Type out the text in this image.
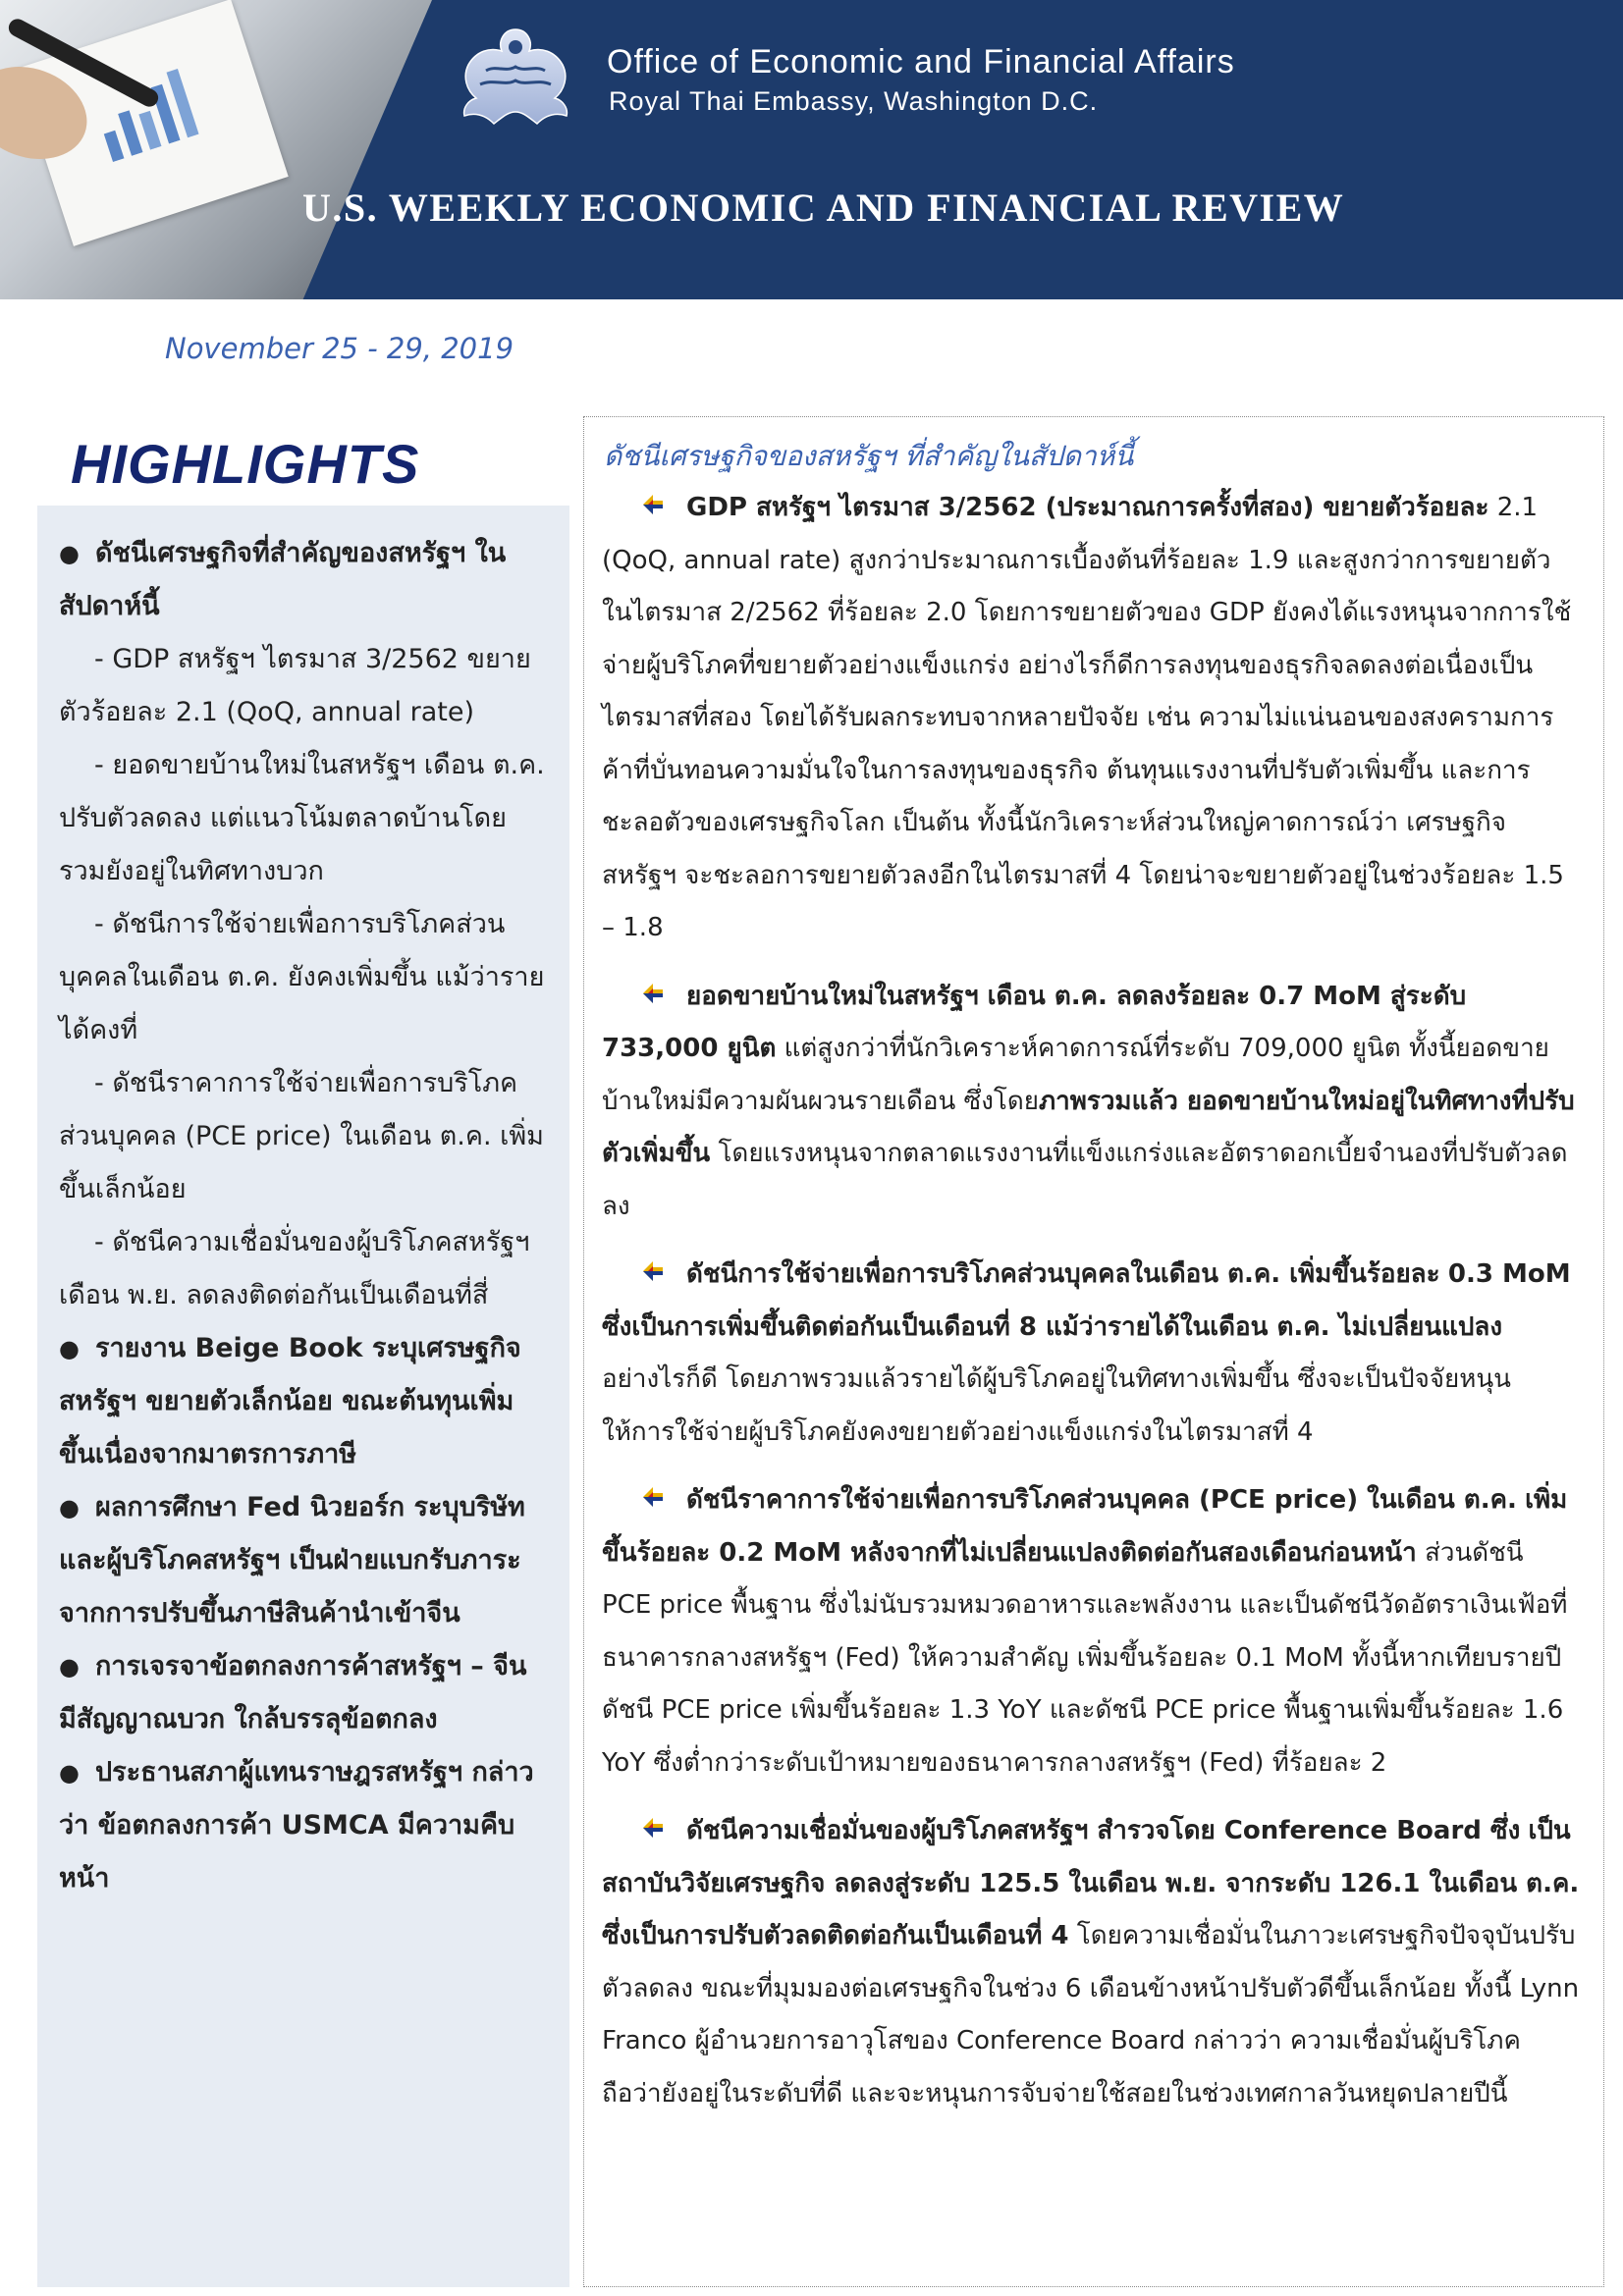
Office of Economic and Financial Affairs
Royal Thai Embassy, Washington D.C.
U.S. WEEKLY ECONOMIC AND FINANCIAL REVIEW
November 25 - 29, 2019
HIGHLIGHTS
● ดัชนีเศรษฐกิจที่สำคัญของสหรัฐฯ ในสัปดาห์นี้
- GDP สหรัฐฯ ไตรมาส 3/2562 ขยายตัวร้อยละ 2.1 (QoQ, annual rate)
- ยอดขายบ้านใหม่ในสหรัฐฯ เดือน ต.ค. ปรับตัวลดลง แต่แนวโน้มตลาดบ้านโดยรวมยังอยู่ในทิศทางบวก
- ดัชนีการใช้จ่ายเพื่อการบริโภคส่วนบุคคลในเดือน ต.ค. ยังคงเพิ่มขึ้น แม้ว่ารายได้คงที่
- ดัชนีราคาการใช้จ่ายเพื่อการบริโภคส่วนบุคคล (PCE price) ในเดือน ต.ค. เพิ่มขึ้นเล็กน้อย
- ดัชนีความเชื่อมั่นของผู้บริโภคสหรัฐฯ เดือน พ.ย. ลดลงติดต่อกันเป็นเดือนที่สี่
● รายงาน Beige Book ระบุเศรษฐกิจสหรัฐฯ ขยายตัวเล็กน้อย ขณะต้นทุนเพิ่มขึ้นเนื่องจากมาตรการภาษี
● ผลการศึกษา Fed นิวยอร์ก ระบุบริษัทและผู้บริโภคสหรัฐฯ เป็นฝ่ายแบกรับภาระจากการปรับขึ้นภาษีสินค้านำเข้าจีน
● การเจรจาข้อตกลงการค้าสหรัฐฯ – จีน มีสัญญาณบวก ใกล้บรรลุข้อตกลง
● ประธานสภาผู้แทนราษฎรสหรัฐฯ กล่าวว่า ข้อตกลงการค้า USMCA มีความคืบหน้า
ดัชนีเศรษฐกิจของสหรัฐฯ ที่สำคัญในสัปดาห์นี้

GDP สหรัฐฯ ไตรมาส 3/2562 (ประมาณการครั้งที่สอง) ขยายตัวร้อยละ 2.1 (QoQ, annual rate) สูงกว่าประมาณการเบื้องต้นที่ร้อยละ 1.9 และสูงกว่าการขยายตัวในไตรมาส 2/2562 ที่ร้อยละ 2.0 โดยการขยายตัวของ GDP ยังคงได้แรงหนุนจากการใช้จ่ายผู้บริโภคที่ขยายตัวอย่างแข็งแกร่ง อย่างไรก็ดีการลงทุนของธุรกิจลดลงต่อเนื่องเป็นไตรมาสที่สอง โดยได้รับผลกระทบจากหลายปัจจัย เช่น ความไม่แน่นอนของสงครามการค้าที่บั่นทอนความมั่นใจในการลงทุนของธุรกิจ ต้นทุนแรงงานที่ปรับตัวเพิ่มขึ้น และการชะลอตัวของเศรษฐกิจโลก เป็นต้น ทั้งนี้นักวิเคราะห์ส่วนใหญ่คาดการณ์ว่า เศรษฐกิจสหรัฐฯ จะชะลอการขยายตัวลงอีกในไตรมาสที่ 4 โดยน่าจะขยายตัวอยู่ในช่วงร้อยละ 1.5 – 1.8

ยอดขายบ้านใหม่ในสหรัฐฯ เดือน ต.ค. ลดลงร้อยละ 0.7 MoM สู่ระดับ 733,000 ยูนิต แต่สูงกว่าที่นักวิเคราะห์คาดการณ์ที่ระดับ 709,000 ยูนิต ทั้งนี้ยอดขายบ้านใหม่มีความผันผวนรายเดือน ซึ่งโดยภาพรวมแล้ว ยอดขายบ้านใหม่อยู่ในทิศทางที่ปรับตัวเพิ่มขึ้น โดยแรงหนุนจากตลาดแรงงานที่แข็งแกร่งและอัตราดอกเบี้ยจำนองที่ปรับตัวลดลง

ดัชนีการใช้จ่ายเพื่อการบริโภคส่วนบุคคลในเดือน ต.ค. เพิ่มขึ้นร้อยละ 0.3 MoM ซึ่งเป็นการเพิ่มขึ้นติดต่อกันเป็นเดือนที่ 8 แม้ว่ารายได้ในเดือน ต.ค. ไม่เปลี่ยนแปลง อย่างไรก็ดี โดยภาพรวมแล้วรายได้ผู้บริโภคอยู่ในทิศทางเพิ่มขึ้น ซึ่งจะเป็นปัจจัยหนุนให้การใช้จ่ายผู้บริโภคยังคงขยายตัวอย่างแข็งแกร่งในไตรมาสที่ 4

ดัชนีราคาการใช้จ่ายเพื่อการบริโภคส่วนบุคคล (PCE price) ในเดือน ต.ค. เพิ่มขึ้นร้อยละ 0.2 MoM หลังจากที่ไม่เปลี่ยนแปลงติดต่อกันสองเดือนก่อนหน้า ส่วนดัชนี PCE price พื้นฐาน ซึ่งไม่นับรวมหมวดอาหารและพลังงาน และเป็นดัชนีวัดอัตราเงินเฟ้อที่ธนาคารกลางสหรัฐฯ (Fed) ให้ความสำคัญ เพิ่มขึ้นร้อยละ 0.1 MoM ทั้งนี้หากเทียบรายปี ดัชนี PCE price เพิ่มขึ้นร้อยละ 1.3 YoY และดัชนี PCE price พื้นฐานเพิ่มขึ้นร้อยละ 1.6 YoY ซึ่งต่ำกว่าระดับเป้าหมายของธนาคารกลางสหรัฐฯ (Fed) ที่ร้อยละ 2

ดัชนีความเชื่อมั่นของผู้บริโภคสหรัฐฯ สำรวจโดย Conference Board ซึ่ง เป็นสถาบันวิจัยเศรษฐกิจ ลดลงสู่ระดับ 125.5 ในเดือน พ.ย. จากระดับ 126.1 ในเดือน ต.ค. ซึ่งเป็นการปรับตัวลดติดต่อกันเป็นเดือนที่ 4 โดยความเชื่อมั่นในภาวะเศรษฐกิจปัจจุบันปรับตัวลดลง ขณะที่มุมมองต่อเศรษฐกิจในช่วง 6 เดือนข้างหน้าปรับตัวดีขึ้นเล็กน้อย ทั้งนี้ Lynn Franco ผู้อำนวยการอาวุโสของ Conference Board กล่าวว่า ความเชื่อมั่นผู้บริโภคถือว่ายังอยู่ในระดับที่ดี และจะหนุนการจับจ่ายใช้สอยในช่วงเทศกาลวันหยุดปลายปีนี้
